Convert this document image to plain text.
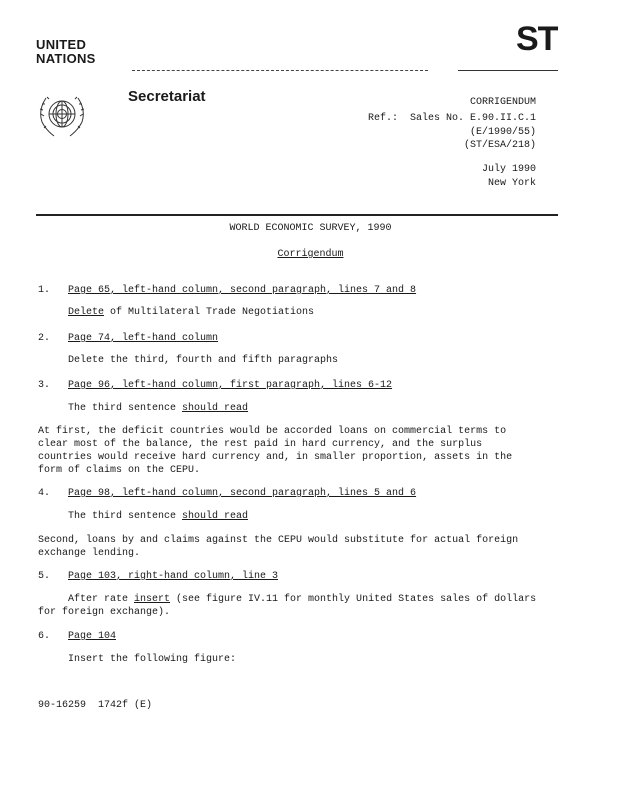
UNITED
NATIONS
ST
Secretariat	CORRIGENDUM
Ref.: Sales No. E.90.II.C.1
(E/1990/55)
(ST/ESA/218)
July 1990
New York
WORLD ECONOMIC SURVEY, 1990
Corrigendum
1. Page 65, left-hand column, second paragraph, lines 7 and 8
Delete of Multilateral Trade Negotiations
2. Page 74, left-hand column
Delete the third, fourth and fifth paragraphs
3. Page 96, left-hand column, first paragraph, lines 6-12
The third sentence should read

At first, the deficit countries would be accorded loans on commercial terms to

clear most of the balance, the rest paid in hard currency, and the surplus

countries would receive hard currency and, in smaller proportion, assets in the

form of claims on the CEPU.

4. Page 98, left-hand column, second paragraph, lines 5 and 6
The third sentence should read

Second, loans by and claims against the CEPU would substitute for actual foreign

exchange lending.

5. Page 103, right-hand column, line 3
After rate insert (see figure IV.11 for monthly United States sales of dollars
for foreign exchange).
6. Page 104
Insert the following figure:
90-16259  1742f (E)
